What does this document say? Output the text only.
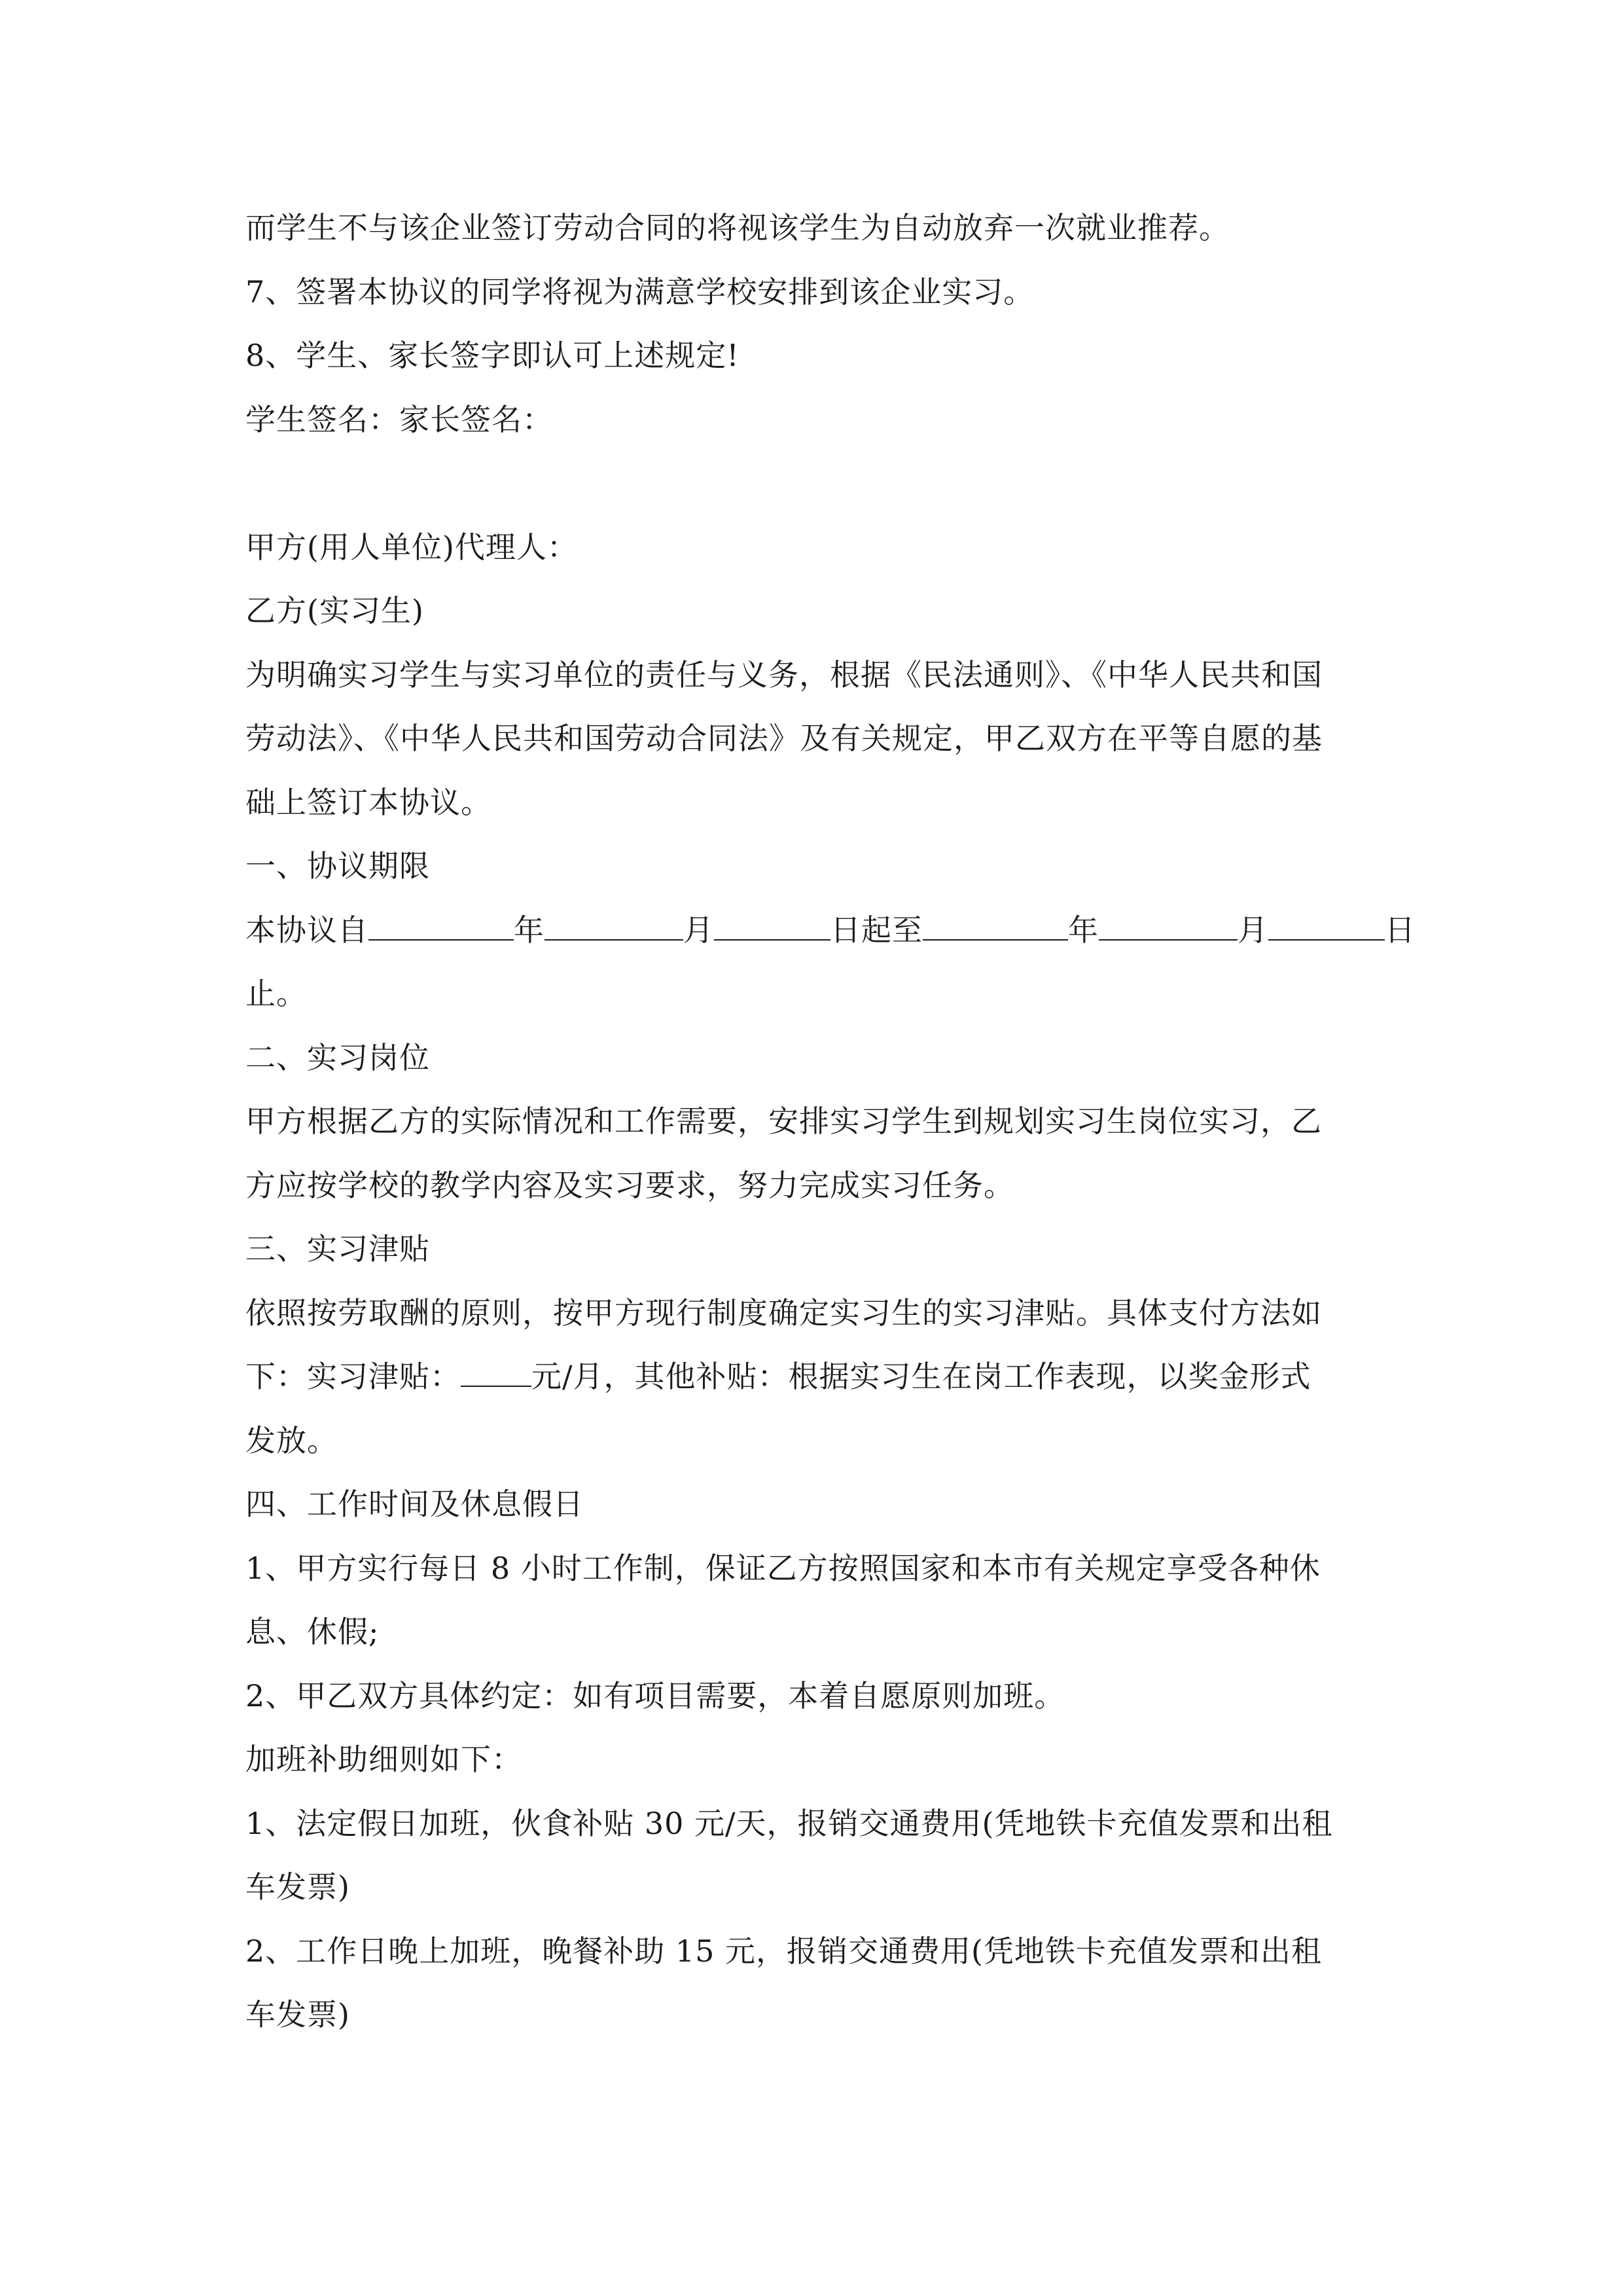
而学生不与该企业签订劳动合同的将视该学生为自动放弃一次就业推荐。
7、签署本协议的同学将视为满意学校安排到该企业实习。
8、学生、家长签字即认可上述规定!
学生签名：家长签名：
甲方(用人单位)代理人：
乙方(实习生)
为明确实习学生与实习单位的责任与义务，根据《民法通则》、《中华人民共和国
劳动法》、《中华人民共和国劳动合同法》及有关规定，甲乙双方在平等自愿的基
础上签订本协议。
一、协议期限
本协议自	年	月	日起至	年	月	日
止。
二、实习岗位
甲方根据乙方的实际情况和工作需要，安排实习学生到规划实习生岗位实习，乙
方应按学校的教学内容及实习要求，努力完成实习任务。
三、实习津贴
依照按劳取酬的原则，按甲方现行制度确定实习生的实习津贴。具体支付方法如
下：实习津贴： 元/月，其他补贴：根据实习生在岗工作表现，以奖金形式
发放。
四、工作时间及休息假日
1、甲方实行每日 8 小时工作制，保证乙方按照国家和本市有关规定享受各种休
息、休假;
2、甲乙双方具体约定：如有项目需要，本着自愿原则加班。
加班补助细则如下：
1、法定假日加班，伙食补贴 30 元/天，报销交通费用(凭地铁卡充值发票和出租
车发票)
2、工作日晚上加班，晚餐补助 15 元，报销交通费用(凭地铁卡充值发票和出租
车发票)
